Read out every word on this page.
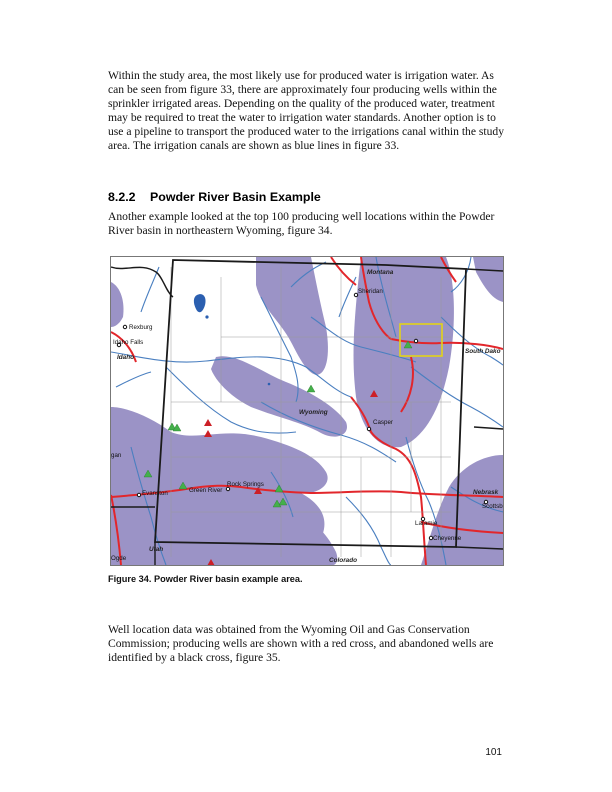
Within the study area, the most likely use for produced water is irrigation water. As can be seen from figure 33, there are approximately four producing wells within the sprinkler irrigated areas. Depending on the quality of the produced water, treatment may be required to treat the water to irrigation water standards. Another option is to use a pipeline to transport the produced water to the irrigations canal within the study area. The irrigation canals are shown as blue lines in figure 33.

8.2.2 Powder River Basin Example

Another example looked at the top 100 producing well locations within the Powder River basin in northeastern Wyoming, figure 34.

Montana
Sheridan
Rexburg
Idaho Falls
Idaho
South Dako
Wyoming
Casper
Green River
Rock Springs
Evanston	Nebrask
Scottsb
Laramie
Cheyenne
Utah
Colorado
gan
Ogde

Figure 34. Powder River basin example area.

Well location data was obtained from the Wyoming Oil and Gas Conservation Commission; producing wells are shown with a red cross, and abandoned wells are identified by a black cross, figure 35.

101
